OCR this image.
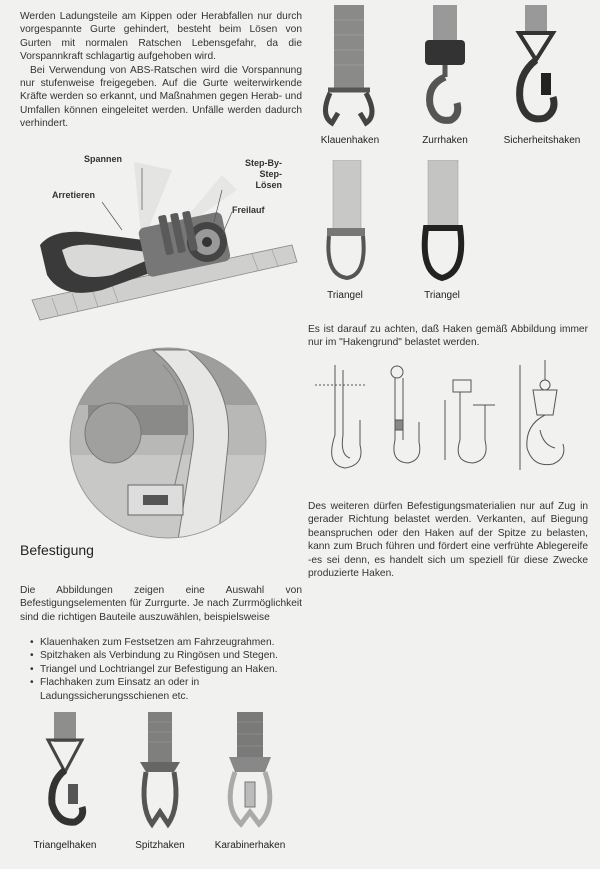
Werden Ladungsteile am Kippen oder Herabfallen nur durch vorgespannte Gurte gehindert, besteht beim Lösen von Gurten mit normalen Ratschen Lebensgefahr, da die Vorspannkraft schlagartig aufgehoben wird.

Bei Verwendung von ABS-Ratschen wird die Vorspannung nur stufenweise freigegeben. Auf die Gurte weiterwirkende Kräfte werden so erkannt, und Maßnahmen gegen Herab- und Umfallen können eingeleitet werden. Unfälle werden dadurch verhindert.

Spannen
Arretieren
Step-By-
Step-
Lösen
Freilauf
Befestigung
Die Abbildungen zeigen eine Auswahl von Befestigungselementen für Zurrgurte. Je nach Zurrmöglichkeit sind die richtigen Bauteile auszuwählen, beispielsweise
• Klauenhaken zum Festsetzen am Fahrzeugrahmen.
• Spitzhaken als Verbindung zu Ringösen und Stegen.
• Triangel und Lochtriangel zur Befestigung an Haken.
• Flachhaken zum Einsatz an oder in Ladungssicherungsschienen etc.
Triangelhaken	Spitzhaken	Karabinerhaken
Klauenhaken	Zurrhaken	Sicherheitshaken
Triangel	Triangel
Es ist darauf zu achten, daß Haken gemäß Abbildung immer nur im "Hakengrund" belastet werden.
Des weiteren dürfen Befestigungsmaterialien nur auf Zug in gerader Richtung belastet werden. Verkanten, auf Biegung beanspruchen oder den Haken auf der Spitze zu belasten, kann zum Bruch führen und fördert eine verfrühte Ablegereife -es sei denn, es handelt sich um speziell für diese Zwecke produzierte Haken.
